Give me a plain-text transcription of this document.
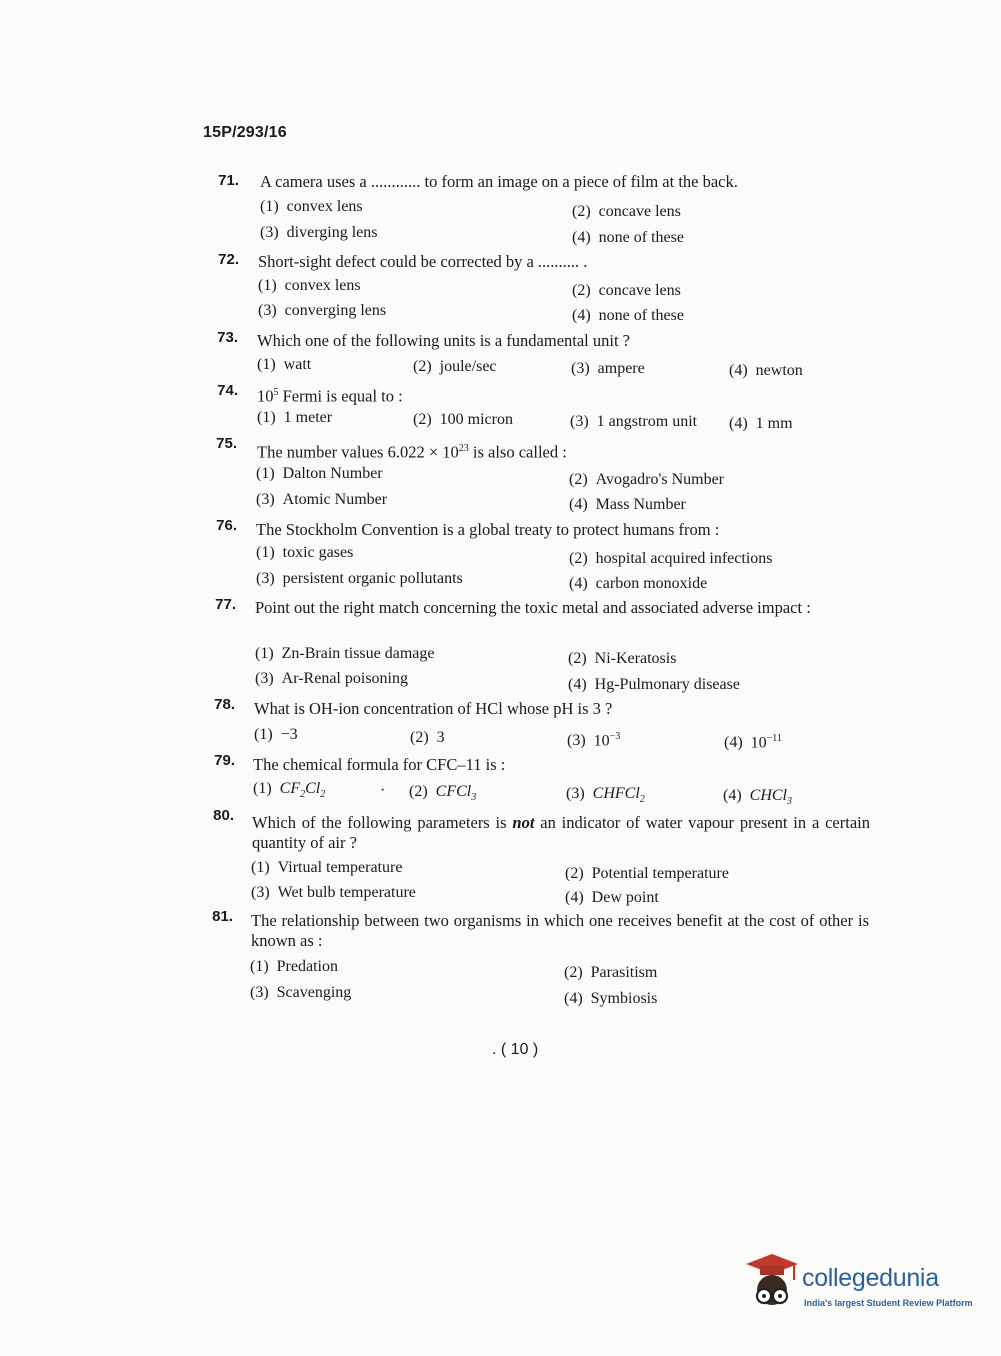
15P/293/16
71. A camera uses a ............ to form an image on a piece of film at the back.
(1) convex lens	(2) concave lens
(3) diverging lens	(4) none of these
72. Short-sight defect could be corrected by a .......... .
(1) convex lens	(2) concave lens
(3) converging lens	(4) none of these
73. Which one of the following units is a fundamental unit ?
(1) watt	(2) joule/sec	(3) ampere	(4) newton
74. $10^5$ Fermi is equal to :
(1) 1 meter	(2) 100 micron	(3) 1 angstrom unit (4) 1 mm
75. The number values $6.022 \times 10^{23}$ is also called :
(1) Dalton Number	(2) Avogadro's Number
(3) Atomic Number	(4) Mass Number
76. The Stockholm Convention is a global treaty to protect humans from :
(1) toxic gases	(2) hospital acquired infections
(3) persistent organic pollutants	(4) carbon monoxide
77. Point out the right match concerning the toxic metal and associated adverse impact :
(1) Zn-Brain tissue damage	(2) Ni-Keratosis
(3) Ar-Renal poisoning	(4) Hg-Pulmonary disease
78. What is OH-ion concentration of HCl whose pH is 3 ?
(1) −3	(2) 3	(3) $10^{-3}$	(4) $10^{-11}$
79. The chemical formula for CFC–11 is :
(1) $CF_2Cl_2$	· (2) CFCl$_3$	(3) CHFCl$_2$	(4) CHCl$_3$
80. Which of the following parameters is not an indicator of water vapour present in a certain quantity of air ?
(1) Virtual temperature	(2) Potential temperature
(3) Wet bulb temperature	(4) Dew point
81. The relationship between two organisms in which one receives benefit at the cost of other is known as :
(1) Predation	(2) Parasitism
(3) Scavenging	(4) Symbiosis
. ( 10 )
collegedunia
India's largest Student Review Platform
